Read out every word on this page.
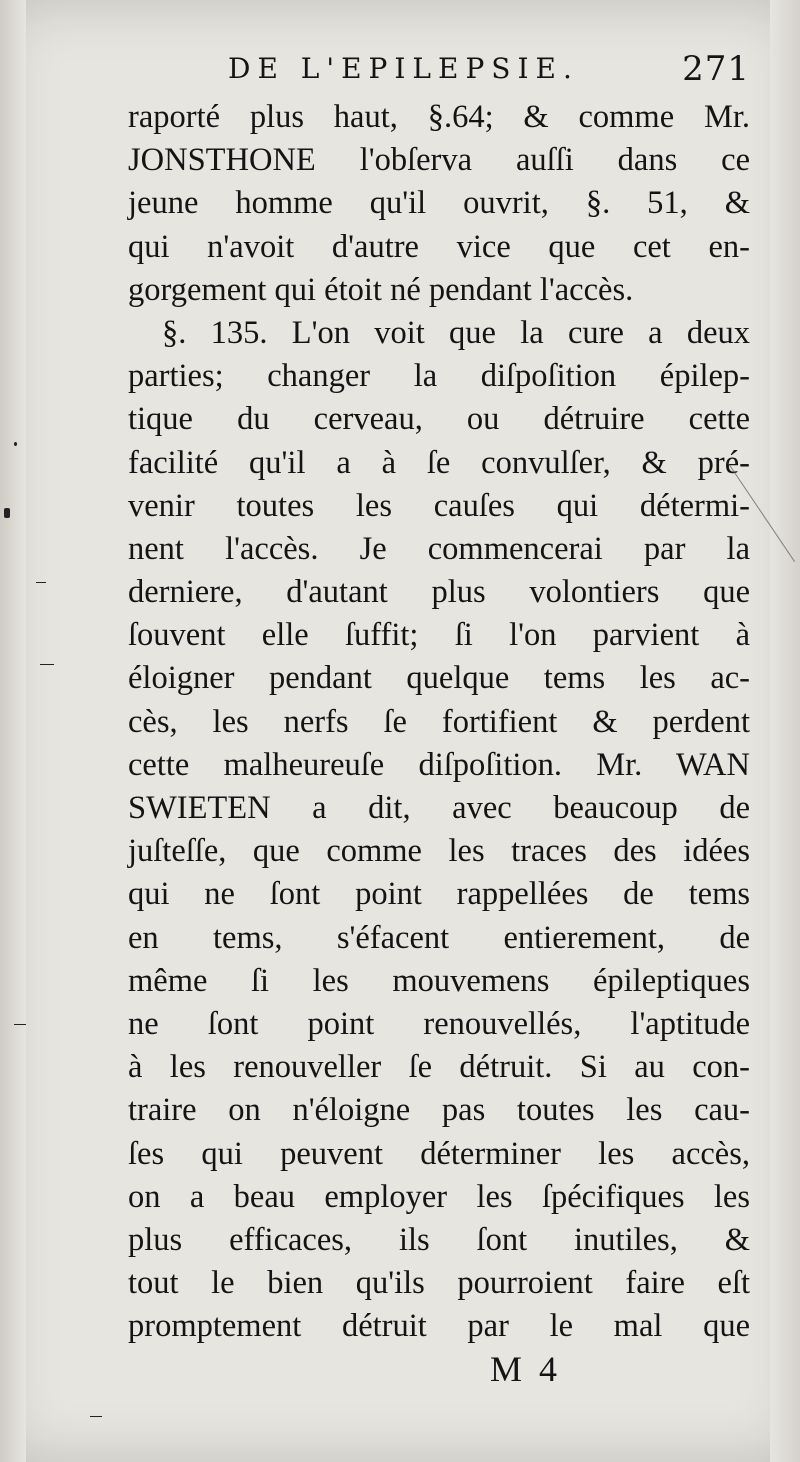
DE L'EPILEPSIE.	271
raporté plus haut, §.64; & comme Mr.
JONSTHONE l'obſerva auſſi dans ce
jeune homme qu'il ouvrit, §. 51, &
qui n'avoit d'autre vice que cet en-
gorgement qui étoit né pendant l'accès.
§. 135. L'on voit que la cure a deux
parties; changer la diſpoſition épilep-
tique du cerveau, ou détruire cette
facilité qu'il a à ſe convulſer, & pré-
venir toutes les cauſes qui détermi-
nent l'accès. Je commencerai par la
derniere, d'autant plus volontiers que
ſouvent elle ſuffit; ſi l'on parvient à
éloigner pendant quelque tems les ac-
cès, les nerfs ſe fortifient & perdent
cette malheureuſe diſpoſition. Mr. WAN
SWIETEN a dit, avec beaucoup de
juſteſſe, que comme les traces des idées
qui ne ſont point rappellées de tems
en tems, s'éfacent entierement, de
même ſi les mouvemens épileptiques
ne ſont point renouvellés, l'aptitude
à les renouveller ſe détruit. Si au con-
traire on n'éloigne pas toutes les cau-
ſes qui peuvent déterminer les accès,
on a beau employer les ſpécifiques les
plus efficaces, ils ſont inutiles, &
tout le bien qu'ils pourroient faire eſt
promptement détruit par le mal que
M 4
